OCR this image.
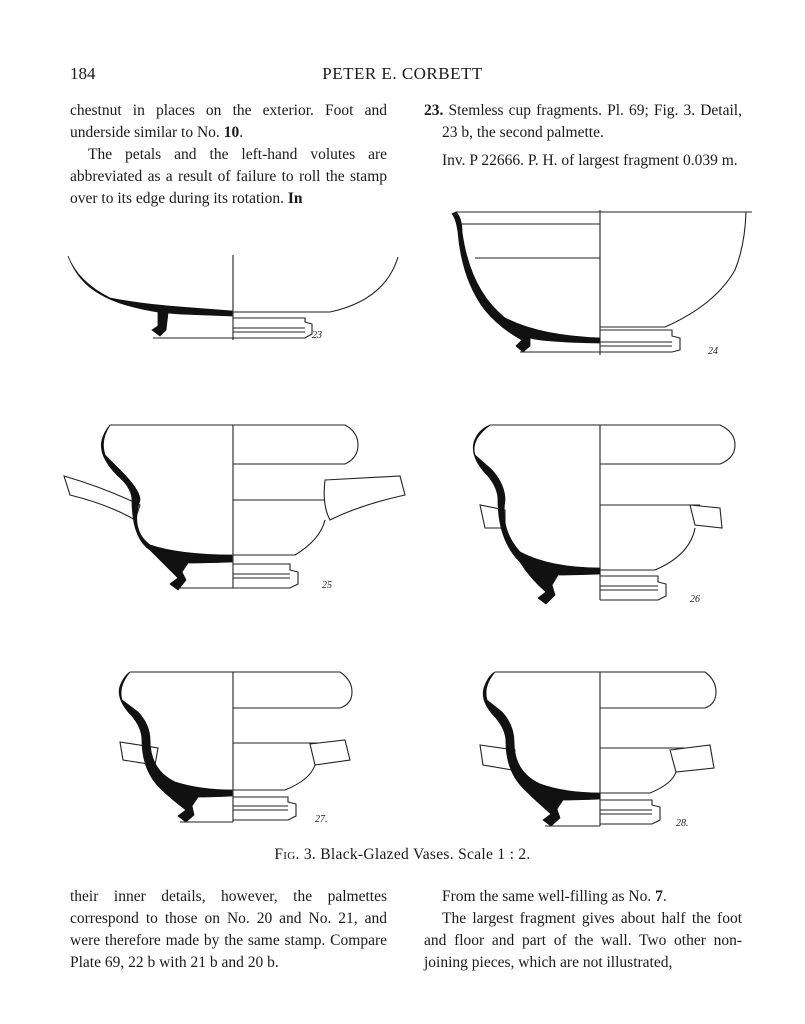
184	PETER E. CORBETT

chestnut in places on the exterior. Foot and underside similar to No. 10.

The petals and the left-hand volutes are abbreviated as a result of failure to roll the stamp over to its edge during its rotation. In

23. Stemless cup fragments. Pl. 69; Fig. 3. Detail, 23 b, the second palmette.

Inv. P 22666. P. H. of largest fragment 0.039 m.

23
24
25
26
27.	28.
Fig. 3. Black-Glazed Vases. Scale 1 : 2.

their inner details, however, the palmettes correspond to those on No. 20 and No. 21, and were therefore made by the same stamp. Compare Plate 69, 22 b with 21 b and 20 b.

From the same well-filling as No. 7.

The largest fragment gives about half the foot and floor and part of the wall. Two other non-joining pieces, which are not illustrated,
